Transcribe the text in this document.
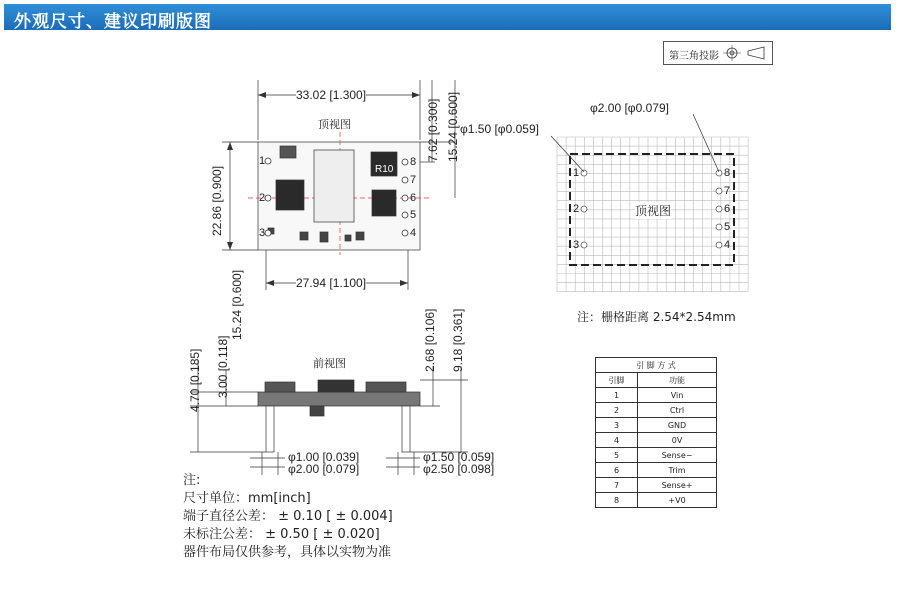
外观尺寸、建议印刷版图
第三角投影
顶视图
33.02 [1.300]
27.94 [1.100]
R10
22.86 [0.900]
15.24 [0.600]
7.62 [0.300] 15.24 [0.600]
1
2
3	4
5
6
7
8
前视图
3.00 [0.118]
4.70 [0.185]
2.68 [0.106] 9.18 [0.361]
φ1.00 [0.039]
φ2.00 [0.079]
φ1.50 [0.059]
φ2.50 [0.098]
φ2.00 [φ0.079]
φ1.50 [φ0.059]
顶视图
1
2
3	4
5
6
7
8
注：栅格距离 2.54*2.54mm
引 脚 方 式	
引脚	功能
1	Vin
2	Ctrl
3	GND
4	0V
5	Sense−
6	Trim
7	Sense+
8	+V0
注:
尺寸单位：mm[inch]
端子直径公差： ± 0.10 [ ± 0.004]
未标注公差： ± 0.50 [ ± 0.020]
器件布局仅供参考，具体以实物为准
